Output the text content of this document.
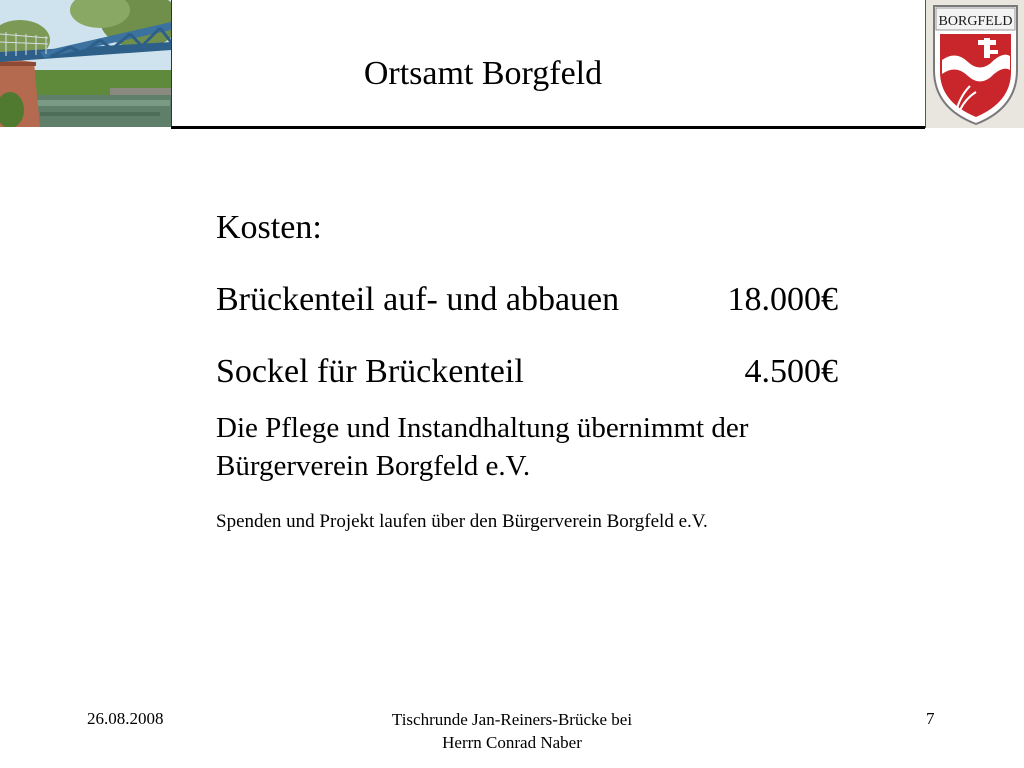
Ortsamt Borgfeld
BORGFELD
Kosten:
Brückenteil auf- und abbauen	18.000€
Sockel für Brückenteil	4.500€
Die Pflege und Instandhaltung übernimmt der Bürgerverein Borgfeld e.V.
Spenden und Projekt laufen über den Bürgerverein Borgfeld e.V.
26.08.2008	Tischrunde Jan-Reiners-Brücke bei
Herrn Conrad Naber
7
